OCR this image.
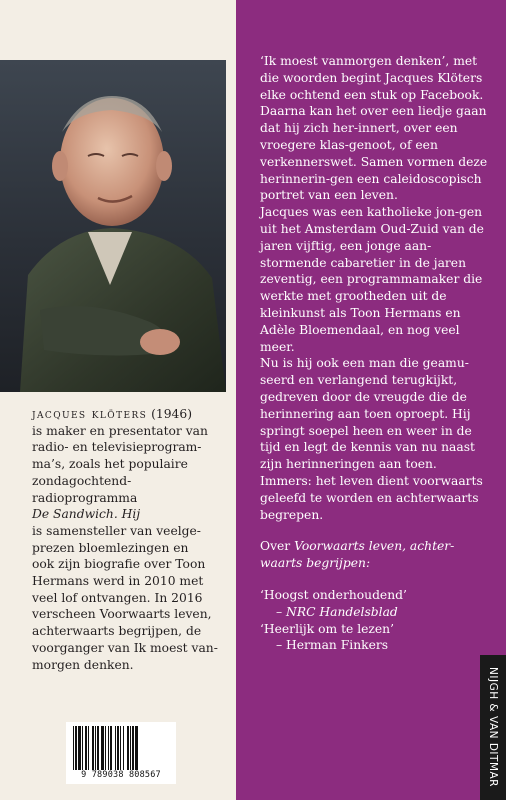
jacques klöters (1946)

is maker en presentator van

radio- en televisieprogram-

ma’s, zoals het populaire

zondagochtend-radioprogramma

De Sandwich. Hij

is samensteller van veelge-

prezen bloemlezingen en

ook zijn biografie over Toon

Hermans werd in 2010 met

veel lof ontvangen. In 2016

verscheen Voorwaarts leven,

achterwaarts begrijpen, de

voorganger van Ik moest van-

morgen denken.

9 789038 808567

‘Ik moest vanmorgen denken’, met die woorden begint Jacques Klöters elke ochtend een stuk op Facebook. Daarna kan het over een liedje gaan dat hij zich her-innert, over een vroegere klas-genoot, of een verkennerswet. Samen vormen deze herinnerin-gen een caleidoscopisch portret van een leven.

Jacques was een katholieke jon-gen uit het Amsterdam Oud-Zuid van de jaren vijftig, een jonge aan-stormende cabaretier in de jaren zeventig, een programmamaker die werkte met grootheden uit de kleinkunst als Toon Hermans en Adèle Bloemendaal, en nog veel meer.

Nu is hij ook een man die geamu-seerd en verlangend terugkijkt, gedreven door de vreugde die de herinnering aan toen oproept. Hij springt soepel heen en weer in de tijd en legt de kennis van nu naast zijn herinneringen aan toen. Immers: het leven dient voorwaarts geleefd te worden en achterwaarts begrepen.

Over Voorwaarts leven, achter-waarts begrijpen:

‘Hoogst onderhoudend’

– NRC Handelsblad

‘Heerlijk om te lezen’

– Herman Finkers

NIJGH & VAN DITMAR
